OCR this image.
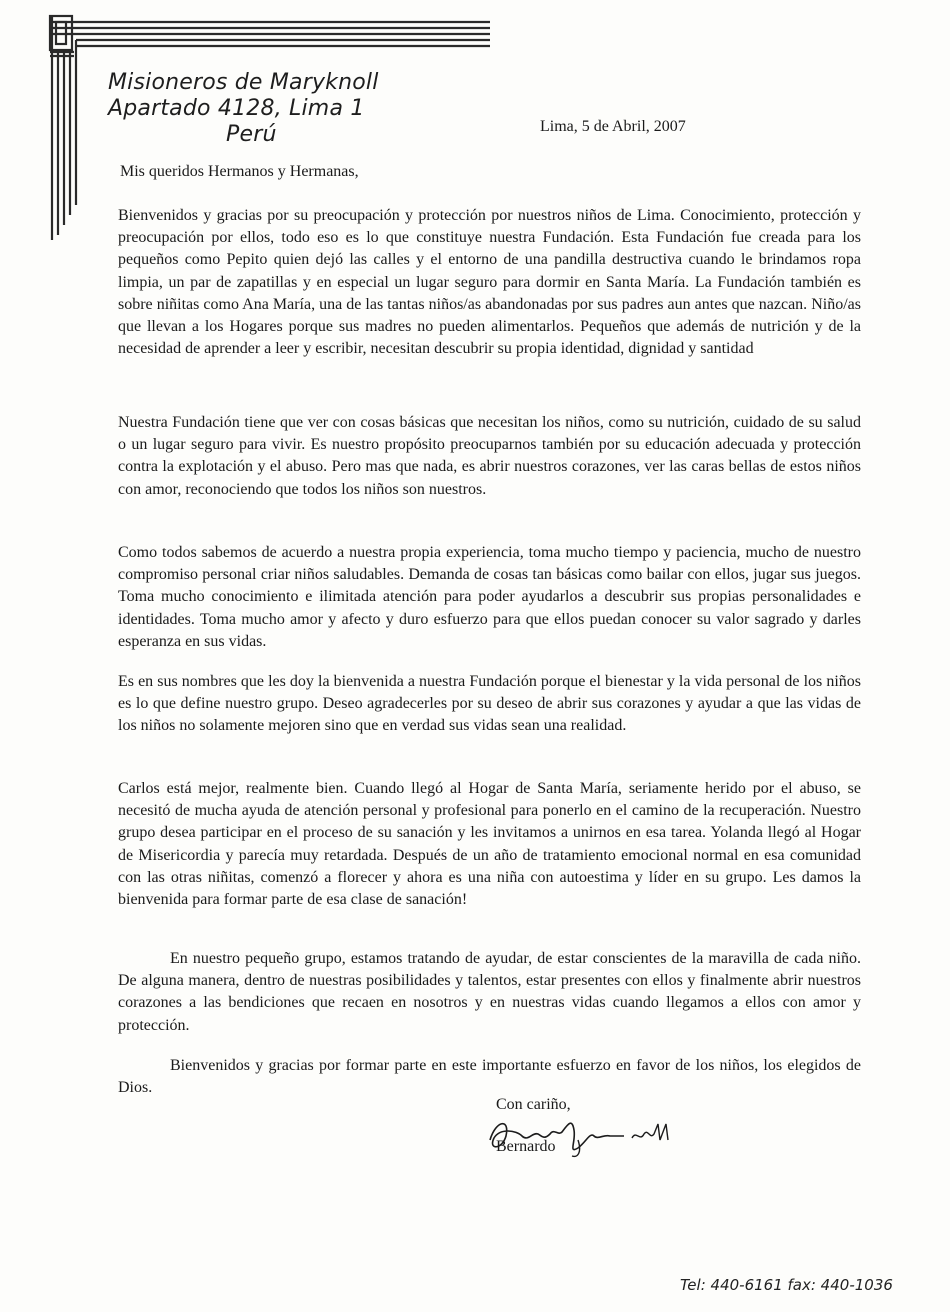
Misioneros de Maryknoll
Apartado 4128, Lima 1
Perú	Lima, 5 de Abril, 2007
Mis queridos Hermanos y Hermanas,

Bienvenidos y gracias por su preocupación y protección por nuestros niños de Lima. Conocimiento, protección y preocupación por ellos, todo eso es lo que constituye nuestra Fundación. Esta Fundación fue creada para los pequeños como Pepito quien dejó las calles y el entorno de una pandilla destructiva cuando le brindamos ropa limpia, un par de zapatillas y en especial un lugar seguro para dormir en Santa María. La Fundación también es sobre niñitas como Ana María, una de las tantas niños/as abandonadas por sus padres aun antes que nazcan. Niño/as que llevan a los Hogares porque sus madres no pueden alimentarlos. Pequeños que además de nutrición y de la necesidad de aprender a leer y escribir, necesitan descubrir su propia identidad, dignidad y santidad

Nuestra Fundación tiene que ver con cosas básicas que necesitan los niños, como su nutrición, cuidado de su salud o un lugar seguro para vivir. Es nuestro propósito preocuparnos también por su educación adecuada y protección contra la explotación y el abuso. Pero mas que nada, es abrir nuestros corazones, ver las caras bellas de estos niños con amor, reconociendo que todos los niños son nuestros.

Como todos sabemos de acuerdo a nuestra propia experiencia, toma mucho tiempo y paciencia, mucho de nuestro compromiso personal criar niños saludables. Demanda de cosas tan básicas como bailar con ellos, jugar sus juegos. Toma mucho conocimiento e ilimitada atención para poder ayudarlos a descubrir sus propias personalidades e identidades. Toma mucho amor y afecto y duro esfuerzo para que ellos puedan conocer su valor sagrado y darles esperanza en sus vidas.

Es en sus nombres que les doy la bienvenida a nuestra Fundación porque el bienestar y la vida personal de los niños es lo que define nuestro grupo. Deseo agradecerles por su deseo de abrir sus corazones y ayudar a que las vidas de los niños no solamente mejoren sino que en verdad sus vidas sean una realidad.

Carlos está mejor, realmente bien. Cuando llegó al Hogar de Santa María, seriamente herido por el abuso, se necesitó de mucha ayuda de atención personal y profesional para ponerlo en el camino de la recuperación. Nuestro grupo desea participar en el proceso de su sanación y les invitamos a unirnos en esa tarea. Yolanda llegó al Hogar de Misericordia y parecía muy retardada. Después de un año de tratamiento emocional normal en esa comunidad con las otras niñitas, comenzó a florecer y ahora es una niña con autoestima y líder en su grupo. Les damos la bienvenida para formar parte de esa clase de sanación!

En nuestro pequeño grupo, estamos tratando de ayudar, de estar conscientes de la maravilla de cada niño. De alguna manera, dentro de nuestras posibilidades y talentos, estar presentes con ellos y finalmente abrir nuestros corazones a las bendiciones que recaen en nosotros y en nuestras vidas cuando llegamos a ellos con amor y protección.

Bienvenidos y gracias por formar parte en este importante esfuerzo en favor de los niños, los elegidos de Dios.

Con cariño,
Bernardo
Tel: 440-6161 fax: 440-1036
